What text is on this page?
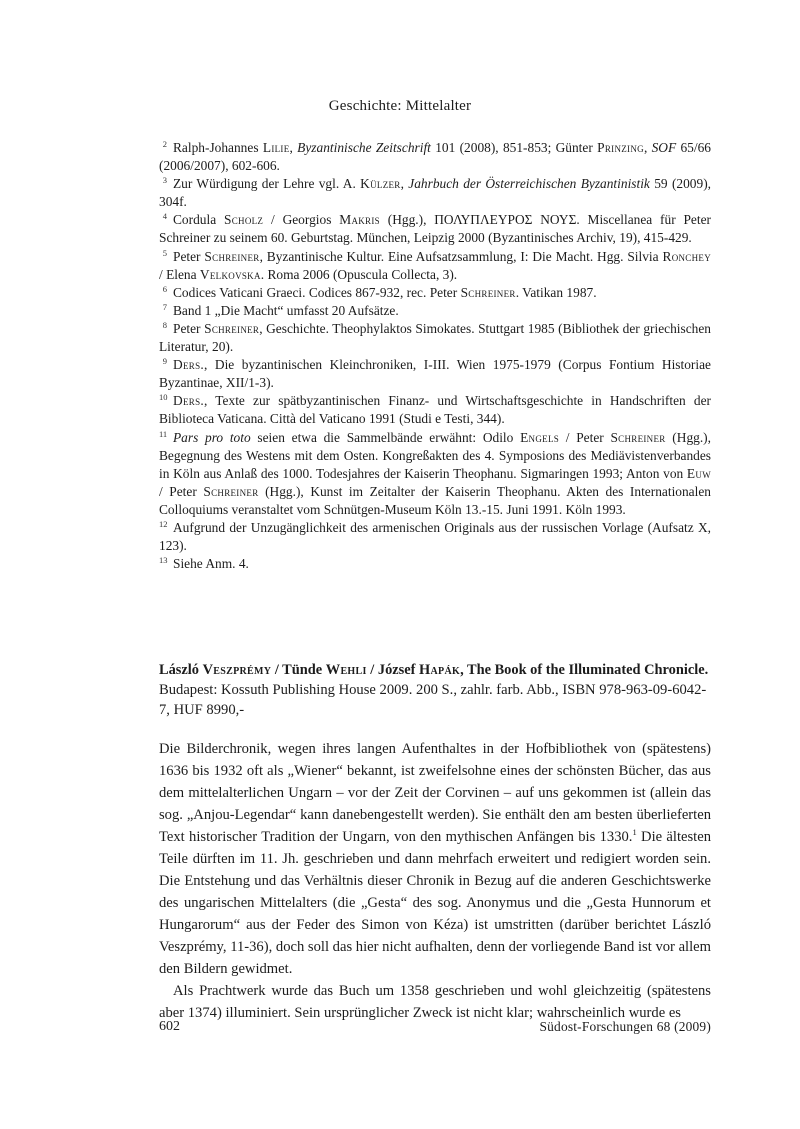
Geschichte: Mittelalter

2 Ralph-Johannes Lilie, Byzantinische Zeitschrift 101 (2008), 851-853; Günter Prinzing, SOF 65/66 (2006/2007), 602-606.

3 Zur Würdigung der Lehre vgl. A. Külzer, Jahrbuch der Österreichischen Byzantinistik 59 (2009), 304f.

4 Cordula Scholz / Georgios Makris (Hgg.), ΠΟΛΥΠΛΕΥΡΟΣ ΝΟΥΣ. Miscellanea für Peter Schreiner zu seinem 60. Geburtstag. München, Leipzig 2000 (Byzantinisches Archiv, 19), 415-429.

5 Peter Schreiner, Byzantinische Kultur. Eine Aufsatzsammlung, I: Die Macht. Hgg. Silvia Ronchey / Elena Velkovska. Roma 2006 (Opuscula Collecta, 3).

6 Codices Vaticani Graeci. Codices 867-932, rec. Peter Schreiner. Vatikan 1987.

7 Band 1 „Die Macht“ umfasst 20 Aufsätze.

8 Peter Schreiner, Geschichte. Theophylaktos Simokates. Stuttgart 1985 (Bibliothek der griechischen Literatur, 20).

9 Ders., Die byzantinischen Kleinchroniken, I-III. Wien 1975-1979 (Corpus Fontium Historiae Byzantinae, XII/1-3).

10 Ders., Texte zur spätbyzantinischen Finanz- und Wirtschaftsgeschichte in Handschriften der Biblioteca Vaticana. Città del Vaticano 1991 (Studi e Testi, 344).

11 Pars pro toto seien etwa die Sammelbände erwähnt: Odilo Engels / Peter Schreiner (Hgg.), Begegnung des Westens mit dem Osten. Kongreßakten des 4. Symposions des Mediävistenverbandes in Köln aus Anlaß des 1000. Todesjahres der Kaiserin Theophanu. Sigmaringen 1993; Anton von Euw / Peter Schreiner (Hgg.), Kunst im Zeitalter der Kaiserin Theophanu. Akten des Internationalen Colloquiums veranstaltet vom Schnütgen-Museum Köln 13.-15. Juni 1991. Köln 1993.

12 Aufgrund der Unzugänglichkeit des armenischen Originals aus der russischen Vorlage (Aufsatz X, 123).

13 Siehe Anm. 4.

László Veszprémy / Tünde Wehli / József Hapák, The Book of the Illuminated Chronicle.

Budapest: Kossuth Publishing House 2009. 200 S., zahlr. farb. Abb., ISBN 978-963-09-6042-7, HUF 8990,-

Die Bilderchronik, wegen ihres langen Aufenthaltes in der Hofbibliothek von (spätestens) 1636 bis 1932 oft als „Wiener“ bekannt, ist zweifelsohne eines der schönsten Bücher, das aus dem mittelalterlichen Ungarn – vor der Zeit der Corvinen – auf uns gekommen ist (allein das sog. „Anjou-Legendar“ kann danebengestellt werden). Sie enthält den am besten überlieferten Text historischer Tradition der Ungarn, von den mythischen Anfängen bis 1330.$^1$ Die ältesten Teile dürften im 11. Jh. geschrieben und dann mehrfach erweitert und redigiert worden sein. Die Entstehung und das Verhältnis dieser Chronik in Bezug auf die anderen Geschichtswerke des ungarischen Mittelalters (die „Gesta“ des sog. Anonymus und die „Gesta Hunnorum et Hungarorum“ aus der Feder des Simon von Kéza) ist umstritten (darüber berichtet László Veszprémy, 11-36), doch soll das hier nicht aufhalten, denn der vorliegende Band ist vor allem den Bildern gewidmet.

Als Prachtwerk wurde das Buch um 1358 geschrieben und wohl gleichzeitig (spätestens aber 1374) illuminiert. Sein ursprünglicher Zweck ist nicht klar; wahrscheinlich wurde es

602	Südost-Forschungen 68 (2009)
